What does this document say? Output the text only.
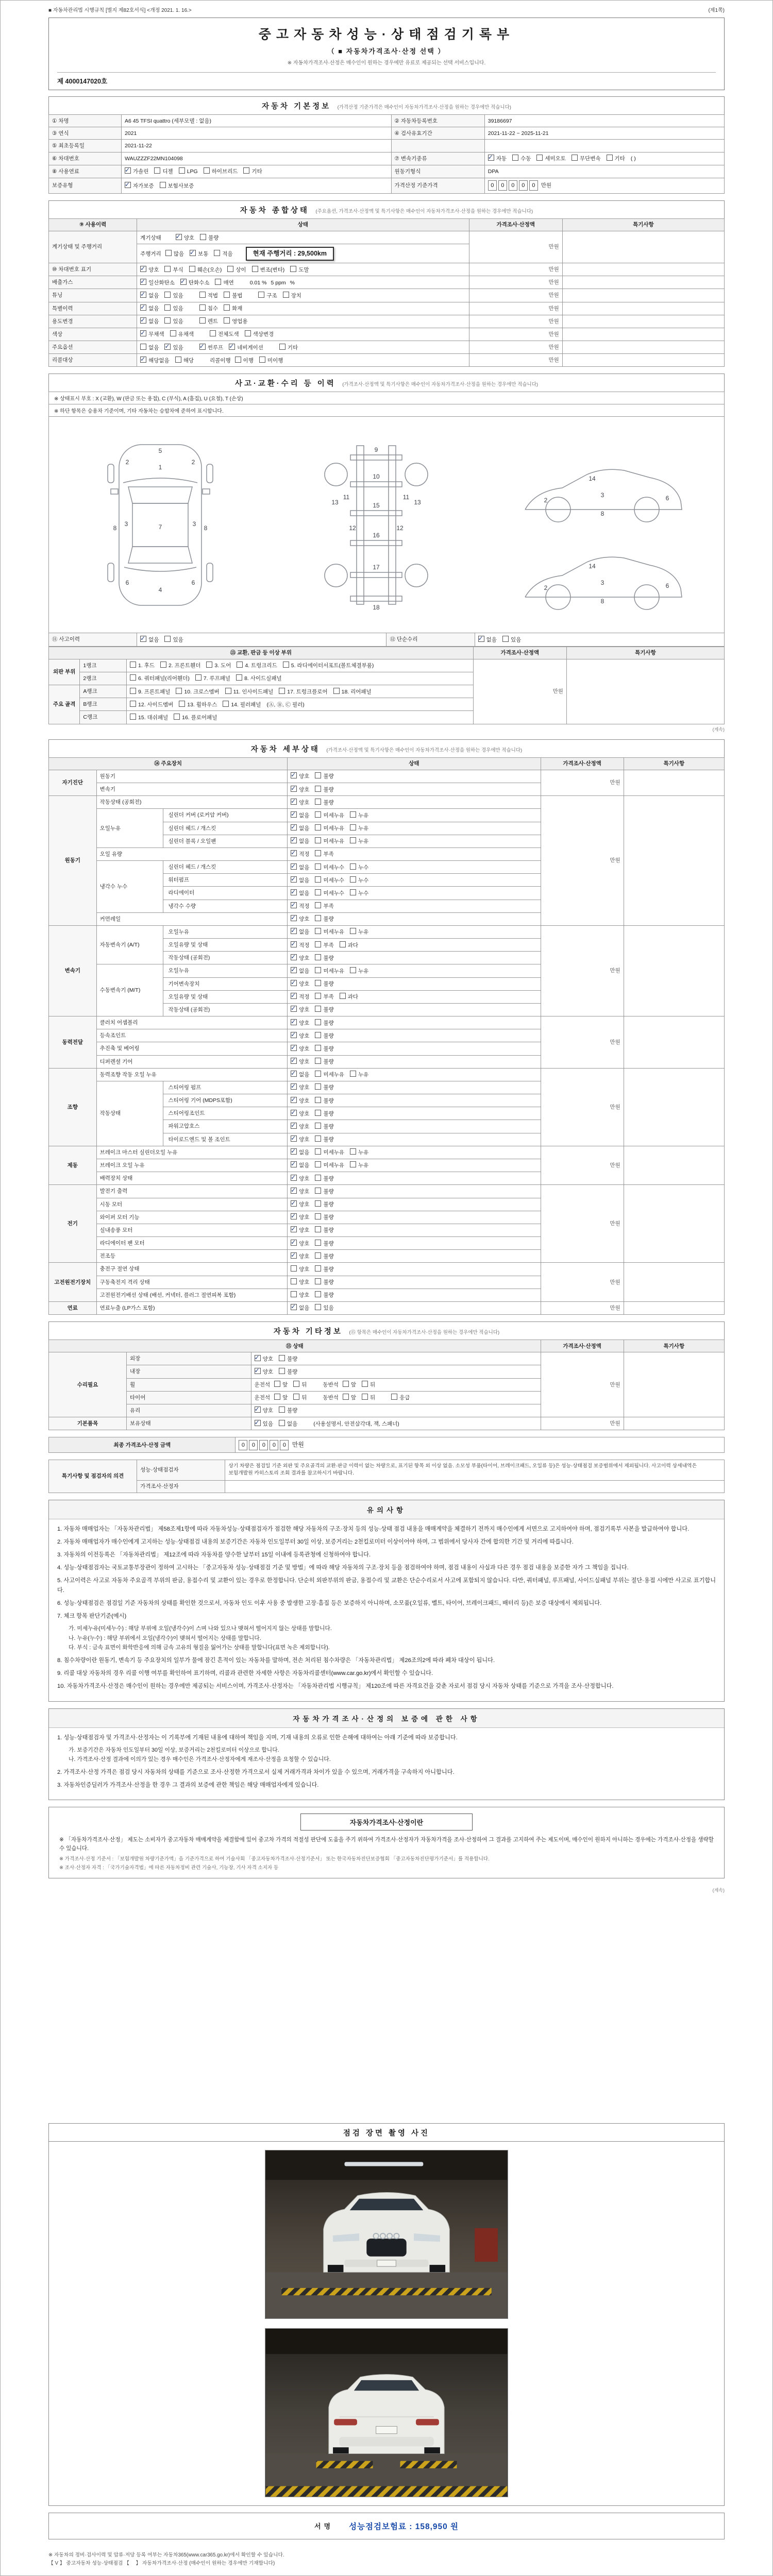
■ 자동차관리법 시행규칙 [별지 제82호서식] <개정 2021. 1. 16.>	(제1쪽)
중고자동차성능·상태점검기록부
（ ■ 자동차가격조사·산정 선택 ）
※ 자동차가격조사·산정은 매수인이 원하는 경우에만 유료로 제공되는 선택 서비스입니다.
제 4000147020호
자동차 기본정보 (가격산정 기준가격은 매수인이 자동차가격조사·산정을 원하는 경우에만 적습니다)
① 차명	A6 45 TFSI quattro (세부모델 : 없음)	② 자동차등록번호	39186697
③ 연식	2021	④ 검사유효기간	2021-11-22 ~ 2025-11-21
⑤ 최초등록일	2021-11-22		
⑥ 차대번호	WAUZZZF22MN104098	⑦ 변속기종류	✓자동 수동 세미오토 무단변속 기타 ( )
⑧ 사용연료	✓가솔린 디젤 LPG 하이브리드 기타	원동기형식	DPA
보증유형	✓자가보증 보험사보증	가격산정 기준가격	0 0 0 0 0 만원
자동차 종합상태 (주요옵션, 가격조사·산정액 및 특기사항은 매수인이 자동차가격조사·산정을 원하는 경우에만 적습니다)
⑨ 사용이력	상태	가격조사·산정액	특기사항
계기상태 및 주행거리	계기상태 ✓ 양호 불량	만원	
	주행거리 많음 ✓ 보통 적음 현재 주행거리 : 29,500km
⑩ 차대번호 표기	✓양호 부식 훼손(오손) 상이 변조(변타) 도말	만원	
배출가스	✓일산화탄소 ✓ 탄화수소 매연 0.01 % 5 ppm %	만원	
튜닝	✓없음 있음 적법 불법 구조 장치	만원	
특별이력	✓없음 있음 침수 화재	만원	
용도변경	✓없음 있음 렌트 영업용	만원	
색상	✓무채색 유채색 전체도색 색상변경	만원	
주요옵션	없음 ✓ 있음 ✓ 썬루프 ✓ 네비게이션 기타	만원	
리콜대상	✓해당없음 해당 리콜이행 이행 미이행	만원	
사고·교환·수리 등 이력 (가격조사·산정액 및 특기사항은 매수인이 자동차가격조사·산정을 원하는 경우에만 적습니다)
※ 상태표시 부호 : X (교환), W (판금 또는 용접), C (부식), A (흠집), U (요철), T (손상)
※ 하단 항목은 승용차 기준이며, 기타 자동차는 승합차에 준하여 표시합니다.
5
1
7
4
2	2
3	3
6	6
8	8
9
10
11	11
12	12
13	13
15
16
17
18
2
3	6
8
14
2
3	6
8
14
⑪ 사고이력	✓없음	있음	⑫ 단순수리	✓없음	있음
⑬ 교환, 판금 등 이상 부위			가격조사·산정액	특기사항
외판 부위	1랭크	1. 후드 2. 프론트휀더 3. 도어 4. 트렁크리드 5. 라디에이터서포트(볼트체결부품)	만원	
	2랭크	6. 쿼터패널(리어휀더) 7. 루프패널 8. 사이드실패널		
주요 골격	A랭크	9. 프론트패널 10. 크로스멤버 11. 인사이드패널 17. 트렁크플로어 18. 리어패널		
	B랭크	12. 사이드멤버 13. 휠하우스 14. 필러패널 (Ⓐ, Ⓑ, Ⓒ 필러)		
	C랭크	15. 대쉬패널 16. 플로어패널		
(계속)
자동차 세부상태 (가격조사·산정액 및 특기사항은 매수인이 자동차가격조사·산정을 원하는 경우에만 적습니다)
⑭ 주요장치			상태	가격조사·산정액	특기사항
자기진단	원동기	✓양호 불량	만원	
	변속기	✓양호 불량
원동기	작동상태 (공회전)	✓양호 불량	만원	
	오일누유	실린더 커버 (로커암 커버)	✓없음 미세누유 누유
		실린더 헤드 / 개스킷	✓없음 미세누유 누유
		실린더 블록 / 오일팬	✓없음 미세누유 누유
	오일 유량	✓적정 부족
	냉각수 누수	실린더 헤드 / 개스킷	✓없음 미세누수 누수
		워터펌프	✓없음 미세누수 누수
		라디에이터	✓없음 미세누수 누수
		냉각수 수량	✓적정 부족
	커먼레일	✓양호 불량
변속기	자동변속기 (A/T)	오일누유	✓없음 미세누유 누유	만원	
		오일유량 및 상태	✓적정 부족 과다
		작동상태 (공회전)	✓양호 불량
	수동변속기 (M/T)	오일누유	✓없음 미세누유 누유
		기어변속장치	✓양호 불량
		오일유량 및 상태	✓적정 부족 과다
		작동상태 (공회전)	✓양호 불량
동력전달	클러치 어셈블리	✓양호 불량	만원	
	등속조인트	✓양호 불량
	추진축 및 베어링	✓양호 불량
	디퍼렌셜 기어	✓양호 불량
조향	동력조향 작동 오일 누유	✓없음 미세누유 누유	만원	
	작동상태	스티어링 펌프	✓양호 불량
		스티어링 기어 (MDPS포함)	✓양호 불량
		스티어링조인트	✓양호 불량
		파워고압호스	✓양호 불량
		타이로드엔드 및 볼 조인트	✓양호 불량
제동	브레이크 마스터 실린더오일 누유	✓없음 미세누유 누유	만원	
	브레이크 오일 누유	✓없음 미세누유 누유
	배력장치 상태	✓양호 불량
전기	발전기 출력	✓양호 불량	만원	
	시동 모터	✓양호 불량
	와이퍼 모터 기능	✓양호 불량
	실내송풍 모터	✓양호 불량
	라디에이터 팬 모터	✓양호 불량
	전조등	✓양호 불량
고전원전기장치	충전구 절연 상태		양호 불량	만원	
	구동축전지 격리 상태		양호 불량		
	고전원전기배선 상태 (배선, 커넥터, 플러그 절연피복 포함)		양호 불량		
연료	연료누출 (LP가스 포함)	✓없음 있음	만원	
자동차 기타정보 (⑮ 항목은 매수인이 자동차가격조사·산정을 원하는 경우에만 적습니다)
⑮ 상태			가격조사·산정액	특기사항
수리필요	외장	✓양호 불량	만원	
	내장	✓양호 불량
	휠	운전석 앞 뒤 동반석 앞 뒤		
	타이어	운전석 앞 뒤 동반석 앞 뒤 응급		
	유리	✓양호 불량
기본품목	보유상태	✓있음 없음 (사용설명서, 안전삼각대, 잭, 스패너)	만원	
최종 가격조사·산정 금액	0 0 0 0 0 만원
특기사항 및 점검자의 의견	성능·상태점검자	상기 차량은 점검일 기준 외판 및 주요골격의 교환·판금 이력이 없는 차량으로, 표기된 항목 외 이상 없음. 소모성 부품(타이어, 브레이크패드, 오일류 등)은 성능·상태점검 보증범위에서 제외됩니다. 사고이력 상세내역은 보험개발원 카히스토리 조회 결과를 참고하시기 바랍니다.
	가격조사·산정자	
유의사항
1. 자동차 매매업자는 「자동차관리법」 제58조제1항에 따라 자동차성능·상태점검자가 점검한 해당 자동차의 구조·장치 등의 성능·상태 점검 내용을 매매계약을 체결하기 전까지 매수인에게 서면으로 고지하여야 하며, 점검기록부 사본을 발급하여야 합니다.
2. 자동차 매매업자가 매수인에게 고지하는 성능·상태점검 내용의 보증기간은 자동차 인도일부터 30일 이상, 보증거리는 2천킬로미터 이상이어야 하며, 그 범위에서 당사자 간에 합의한 기간 및 거리에 따릅니다.
3. 자동차의 이전등록은 「자동차관리법」 제12조에 따라 자동차를 양수한 날부터 15일 이내에 등록관청에 신청하여야 합니다.
4. 성능·상태점검자는 국토교통부장관이 정하여 고시하는 「중고자동차 성능·상태점검 기준 및 방법」에 따라 해당 자동차의 구조·장치 등을 점검하여야 하며, 점검 내용이 사실과 다른 경우 점검 내용을 보증한 자가 그 책임을 집니다.
5. 사고이력은 사고로 자동차 주요골격 부위의 판금, 용접수리 및 교환이 있는 경우로 한정합니다. 단순히 외판부위의 판금, 용접수리 및 교환은 단순수리로서 사고에 포함되지 않습니다. 다만, 쿼터패널, 루프패널, 사이드실패널 부위는 절단·용접 시에만 사고로 표기합니다.
6. 성능·상태점검은 점검일 기준 자동차의 상태를 확인한 것으로서, 자동차 인도 이후 사용 중 발생한 고장·흠집 등은 보증하지 아니하며, 소모품(오일류, 벨트, 타이어, 브레이크패드, 배터리 등)은 보증 대상에서 제외됩니다.
7. 체크 항목 판단기준(예시)
가. 미세누유(미세누수) : 해당 부위에 오일(냉각수)이 스며 나와 있으나 맺혀서 떨어지지 않는 상태를 말합니다.
나. 누유(누수) : 해당 부위에서 오일(냉각수)이 맺혀서 떨어지는 상태를 말합니다.
다. 부식 : 금속 표면이 화학반응에 의해 금속 고유의 형질을 잃어가는 상태를 말합니다(표면 녹은 제외합니다).
8. 침수차량이란 원동기, 변속기 등 주요장치의 일부가 물에 잠긴 흔적이 있는 자동차를 말하며, 전손 처리된 침수차량은 「자동차관리법」 제26조의2에 따라 폐차 대상이 됩니다.
9. 리콜 대상 자동차의 경우 리콜 이행 여부를 확인하여 표기하며, 리콜과 관련한 자세한 사항은 자동차리콜센터(www.car.go.kr)에서 확인할 수 있습니다.
10. 자동차가격조사·산정은 매수인이 원하는 경우에만 제공되는 서비스이며, 가격조사·산정자는 「자동차관리법 시행규칙」 제120조에 따른 자격요건을 갖춘 자로서 점검 당시 자동차 상태를 기준으로 가격을 조사·산정합니다.
자동차가격조사·산정의 보증에 관한 사항
1. 성능·상태점검자 및 가격조사·산정자는 이 기록부에 기재된 내용에 대하여 책임을 지며, 기재 내용의 오류로 인한 손해에 대하여는 아래 기준에 따라 보증합니다.
가. 보증기간은 자동차 인도일부터 30일 이상, 보증거리는 2천킬로미터 이상으로 합니다.
나. 가격조사·산정 결과에 이의가 있는 경우 매수인은 가격조사·산정자에게 재조사·산정을 요청할 수 있습니다.
2. 가격조사·산정 가격은 점검 당시 자동차의 상태를 기준으로 조사·산정한 가격으로서 실제 거래가격과 차이가 있을 수 있으며, 거래가격을 구속하지 아니합니다.
3. 자동차인증딜러가 가격조사·산정을 한 경우 그 결과의 보증에 관한 책임은 해당 매매업자에게 있습니다.
자동차가격조사·산정이란
※ 「자동차가격조사·산정」 제도는 소비자가 중고자동차 매매계약을 체결함에 있어 중고차 가격의 적절성 판단에 도움을 주기 위하여 가격조사·산정자가 자동차가격을 조사·산정하여 그 결과를 고지하여 주는 제도이며, 매수인이 원하지 아니하는 경우에는 가격조사·산정을 생략할 수 있습니다.
※ 가격조사·산정 기준서 : 「보험개발원 차량기준가액」을 기준가격으로 하여 기술사회 「중고자동차가격조사·산정기준서」 또는 한국자동차진단보증협회 「중고자동차진단평가기준서」를 적용합니다.
※ 조사·산정자 자격 : 「국가기술자격법」에 따른 자동차정비 관련 기술사, 기능장, 기사 자격 소지자 등
(계속)
점검 장면 촬영 사진
서명 성능점검보험료 : 158,950 원
※ 자동차의 정비·검사이력 및 압류·저당 등록 여부는 자동차365(www.car365.go.kr)에서 확인할 수 있습니다.
【 V 】 중고자동차 성능·상태점검 【　 】 자동차가격조사·산정 (매수인이 원하는 경우에만 기재합니다)
